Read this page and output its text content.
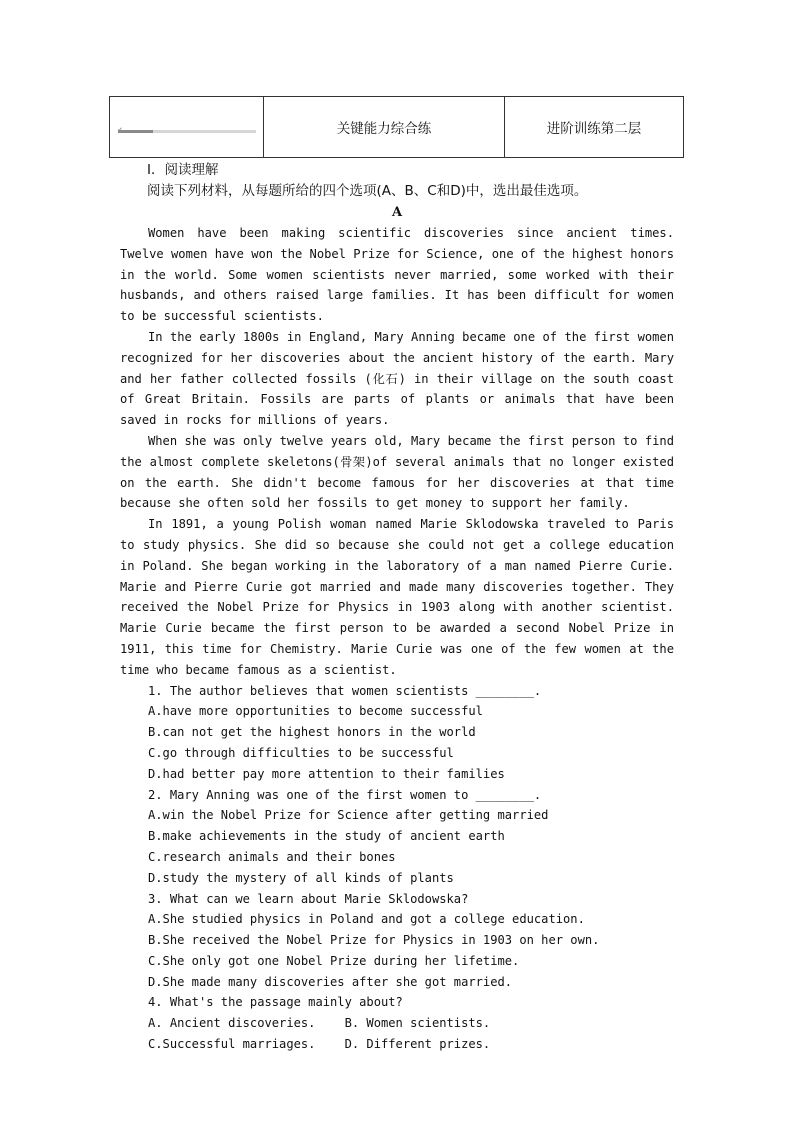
	关键能力综合练	进阶训练第二层
Ⅰ．阅读理解
阅读下列材料，从每题所给的四个选项(A、B、C和D)中，选出最佳选项。
A

Women have been making scientific discoveries since ancient times. Twelve women have won the Nobel Prize for Science, one of the highest honors in the world. Some women scientists never married, some worked with their husbands, and others raised large families. It has been difficult for women to be successful scientists.

In the early 1800s in England, Mary Anning became one of the first women recognized for her discoveries about the ancient history of the earth. Mary and her father collected fossils (化石) in their village on the south coast of Great Britain. Fossils are parts of plants or animals that have been saved in rocks for millions of years.

When she was only twelve years old, Mary became the first person to find the almost complete skeletons(骨架)of several animals that no longer existed on the earth. She didn't become famous for her discoveries at that time because she often sold her fossils to get money to support her family.

In 1891, a young Polish woman named Marie Sklodowska traveled to Paris to study physics. She did so because she could not get a college education in Poland. She began working in the laboratory of a man named Pierre Curie. Marie and Pierre Curie got married and made many discoveries together. They received the Nobel Prize for Physics in 1903 along with another scientist. Marie Curie became the first person to be awarded a second Nobel Prize in 1911, this time for Chemistry. Marie Curie was one of the few women at the time who became famous as a scientist.

1. The author believes that women scientists ________.
A.have more opportunities to become successful
B.can not get the highest honors in the world
C.go through difficulties to be successful
D.had better pay more attention to their families
2. Mary Anning was one of the first women to ________.
A.win the Nobel Prize for Science after getting married
B.make achievements in the study of ancient earth
C.research animals and their bones
D.study the mystery of all kinds of plants
3. What can we learn about Marie Sklodowska?
A.She studied physics in Poland and got a college education.
B.She received the Nobel Prize for Physics in 1903 on her own.
C.She only got one Nobel Prize during her lifetime.
D.She made many discoveries after she got married.
4. What's the passage mainly about?
A. Ancient discoveries.    B. Women scientists.
C.Successful marriages.    D. Different prizes.
